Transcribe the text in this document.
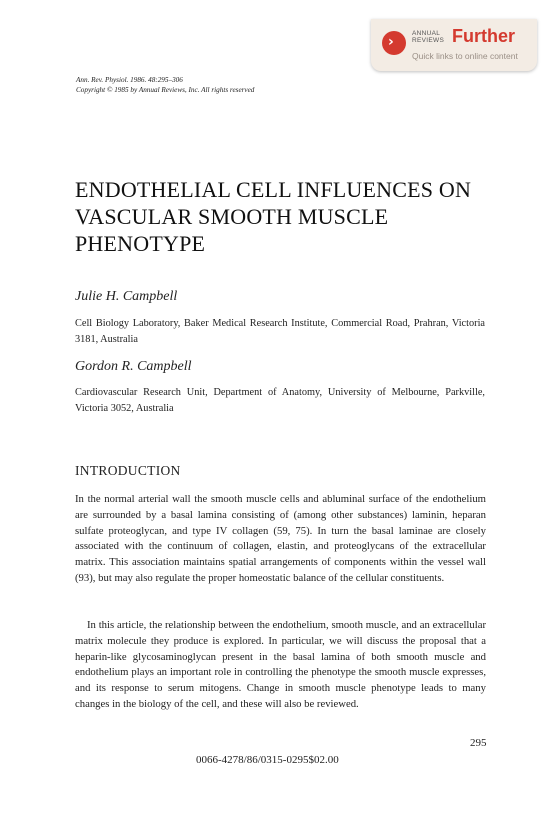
›
ANNUAL
REVIEWS Further
Quick links to online content
Ann. Rev. Physiol. 1986. 48:295–306
Copyright © 1985 by Annual Reviews, Inc. All rights reserved
ENDOTHELIAL CELL INFLUENCES ON VASCULAR SMOOTH MUSCLE PHENOTYPE
Julie H. Campbell
Cell Biology Laboratory, Baker Medical Research Institute, Commercial Road, Prahran, Victoria 3181, Australia
Gordon R. Campbell
Cardiovascular Research Unit, Department of Anatomy, University of Melbourne, Parkville, Victoria 3052, Australia
INTRODUCTION

In the normal arterial wall the smooth muscle cells and abluminal surface of the endothelium are surrounded by a basal lamina consisting of (among other substances) laminin, heparan sulfate proteoglycan, and type IV collagen (59, 75). In turn the basal laminae are closely associated with the continuum of collagen, elastin, and proteoglycans of the extracellular matrix. This association maintains spatial arrangements of components within the vessel wall (93), but may also regulate the proper homeostatic balance of the cellular constituents.

In this article, the relationship between the endothelium, smooth muscle, and an extracellular matrix molecule they produce is explored. In particular, we will discuss the proposal that a heparin-like glycosaminoglycan present in the basal lamina of both smooth muscle and endothelium plays an important role in controlling the phenotype the smooth muscle expresses, and its response to serum mitogens. Change in smooth muscle phenotype leads to many changes in the biology of the cell, and these will also be reviewed.

295
0066-4278/86/0315-0295$02.00
